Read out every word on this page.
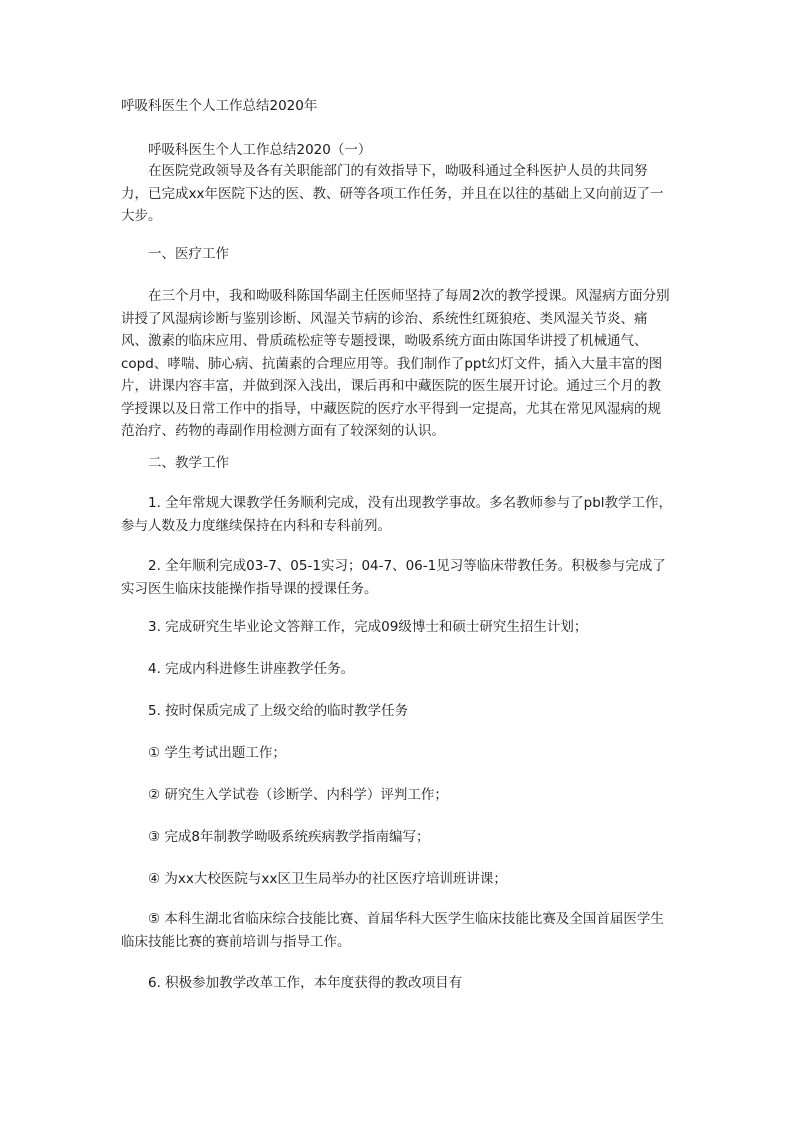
呼吸科医生个人工作总结2020年
呼吸科医生个人工作总结2020（一）

在医院党政领导及各有关职能部门的有效指导下，呦吸科通过全科医护人员的共同努力，已完成xx年医院下达的医、教、研等各项工作任务，并且在以往的基础上又向前迈了一大步。

一、医疗工作

在三个月中，我和呦吸科陈国华副主任医师坚持了每周2次的教学授课。风湿病方面分别讲授了风湿病诊断与鉴别诊断、风湿关节病的诊治、系统性红斑狼疮、类风湿关节炎、痛风、激素的临床应用、骨质疏松症等专题授课，呦吸系统方面由陈国华讲授了机械通气、copd、哮喘、肺心病、抗菌素的合理应用等。我们制作了ppt幻灯文件，插入大量丰富的图片，讲课内容丰富，并做到深入浅出，课后再和中藏医院的医生展开讨论。通过三个月的教学授课以及日常工作中的指导，中藏医院的医疗水平得到一定提高，尤其在常见风湿病的规范治疗、药物的毒副作用检测方面有了较深刻的认识。

二、教学工作

1. 全年常规大课教学任务顺利完成，没有出现教学事故。多名教师参与了pbl教学工作，参与人数及力度继续保持在内科和专科前列。

2. 全年顺利完成03-7、05-1实习；04-7、06-1见习等临床带教任务。积极参与完成了实习医生临床技能操作指导课的授课任务。

3. 完成研究生毕业论文答辩工作，完成09级博士和硕士研究生招生计划；
4. 完成内科进修生讲座教学任务。
5. 按时保质完成了上级交给的临时教学任务
① 学生考试出题工作；
② 研究生入学试卷（诊断学、内科学）评判工作；
③ 完成8年制教学呦吸系统疾病教学指南编写；
④ 为xx大校医院与xx区卫生局举办的社区医疗培训班讲课；

⑤ 本科生湖北省临床综合技能比赛、首届华科大医学生临床技能比赛及全国首届医学生临床技能比赛的赛前培训与指导工作。

6. 积极参加教学改革工作，本年度获得的教改项目有
